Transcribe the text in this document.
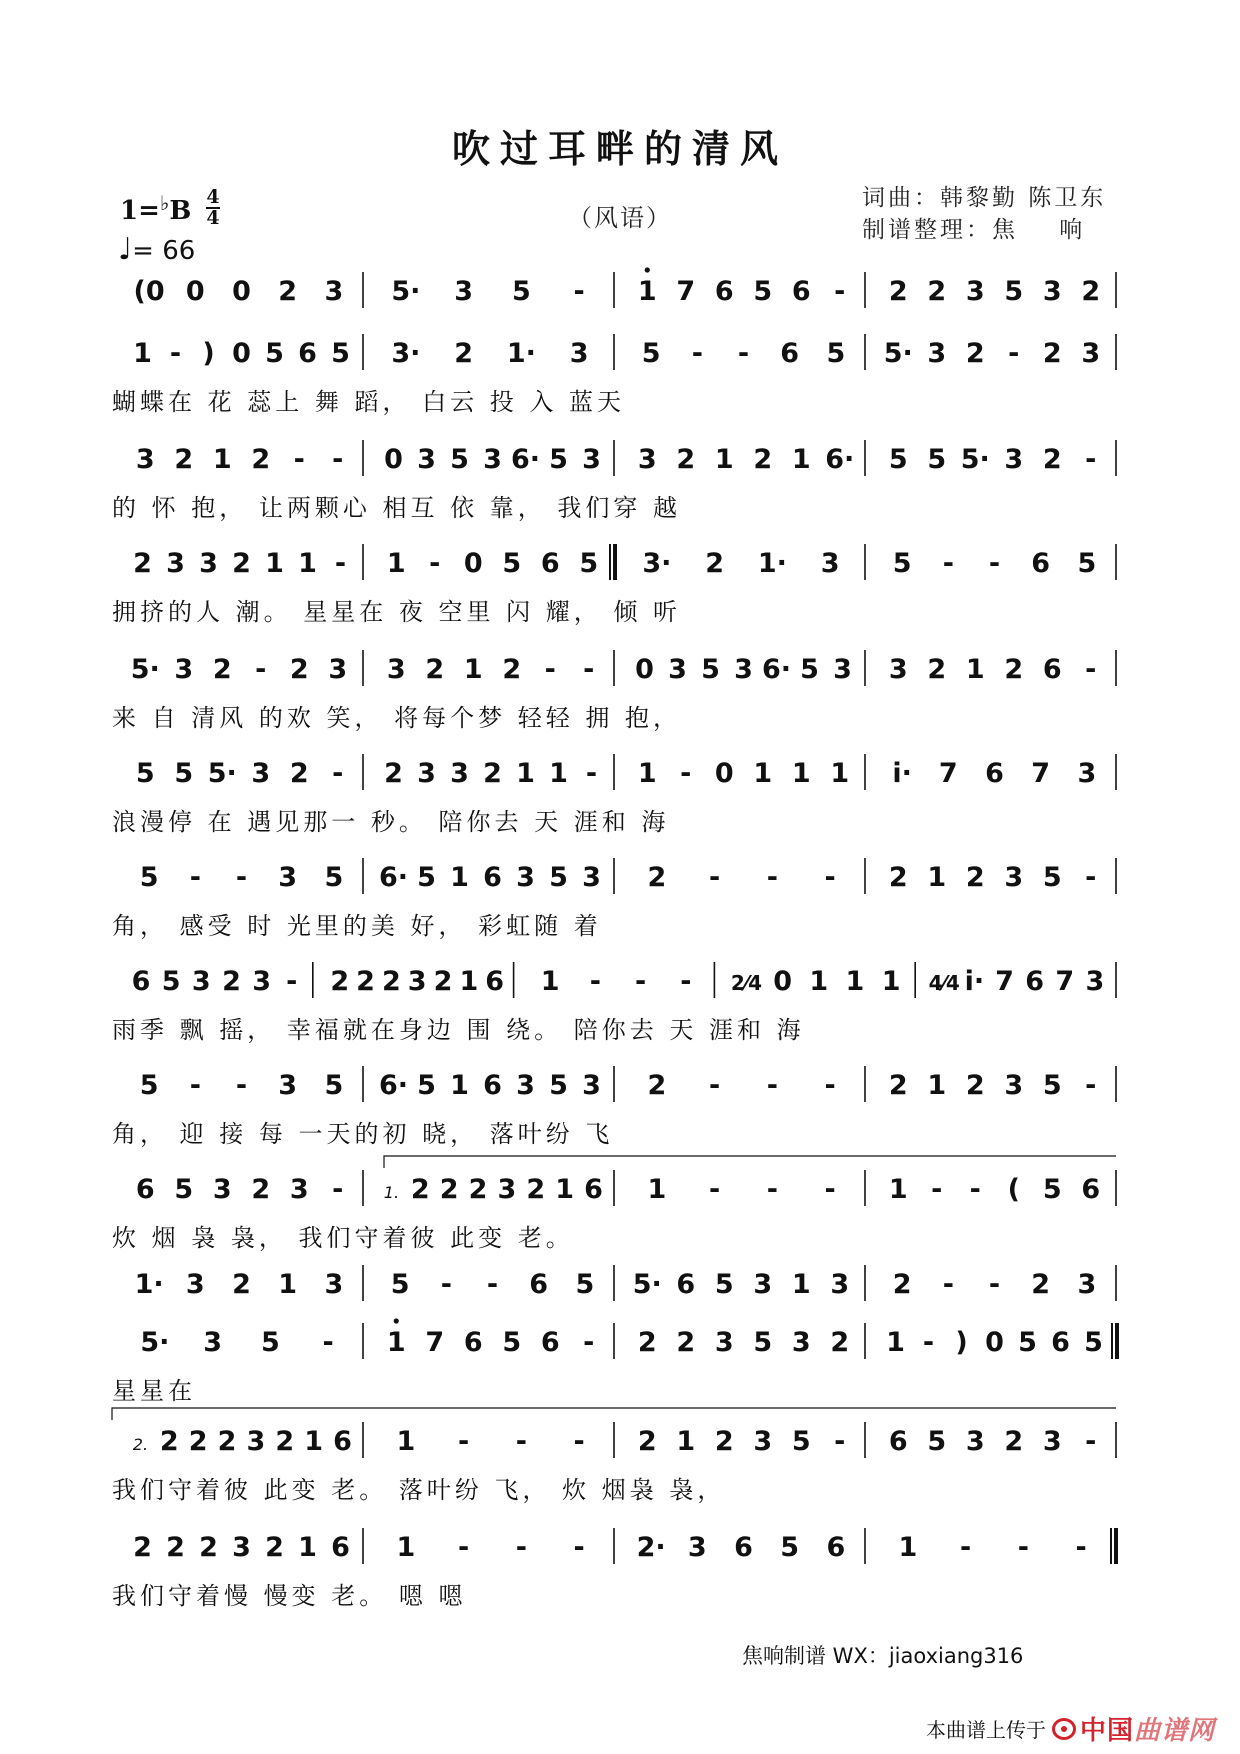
吹过耳畔的清风
$1=^♭B \frac{4}{4}$
♩= 66
（风语）
词曲：韩黎勤 陈卫东
制谱整理：焦    响
(0 0 0 2 3 5· 3 5 - 1 7 6 5 6 - 2 2 3 5 3 2
1 - ) 0 5 6 5 3· 2 1· 3 5 - - 6 5 5· 3 2 - 2 3
蝴蝶在 花 蕊上 舞 蹈， 白云 投 入 蓝天
3 2 1 2 - - 0 3 5 3 6· 5 3 3 2 1 2 1 6· 5 5 5· 3 2 -
的 怀 抱， 让两颗心 相互 依 靠， 我们穿 越
2 3 3 2 1 1 - 1 - 0 5 6 5 3· 2 1· 3 5 - - 6 5
拥挤的人 潮。 星星在 夜 空里 闪 耀， 倾 听
5· 3 2 - 2 3 3 2 1 2 - - 0 3 5 3 6· 5 3 3 2 1 2 6 -
来 自 清风 的欢 笑， 将每个梦 轻轻 拥 抱，
5 5 5· 3 2 - 2 3 3 2 1 1 - 1 - 0 1 1 1 i· 7 6 7 3
浪漫停 在 遇见那一 秒。 陪你去 天 涯和 海
5 - - 3 5 6· 5 1 6 3 5 3 2 - - - 2 1 2 3 5 -
角， 感受 时 光里的美 好， 彩虹随 着
6 5 3 2 3 - 2 2 2 3 2 1 6 1 - - - 2⁄4 0 1 1 1 4⁄4 i· 7 6 7 3
雨季 飘 摇， 幸福就在身边 围 绕。 陪你去 天 涯和 海
5 - - 3 5 6· 5 1 6 3 5 3 2 - - - 2 1 2 3 5 -
角， 迎 接 每 一天的初 晓， 落叶纷 飞
6 5 3 2 3 -	1. 2 2 2 3 2 1 6 1 - - - 1 - - ( 5 6
炊 烟 袅 袅， 我们守着彼 此变 老。
1· 3 2 1 3 5 - - 6 5 5· 6 5 3 1 3 2 - - 2 3
5· 3 5 - 1 7 6 5 6 - 2 2 3 5 3 2 1 - ) 0 5 6 5
星星在
2. 2 2 2 3 2 1 6 1 - - - 2 1 2 3 5 - 6 5 3 2 3 -
我们守着彼 此变 老。 落叶纷 飞， 炊 烟袅 袅，
2 2 2 3 2 1 6 1 - - - 2· 3 6 5 6 1 - - -
我们守着慢 慢变 老。 嗯 嗯
焦响制谱 WX：jiaoxiang316
本曲谱上传于 中国 曲谱网
